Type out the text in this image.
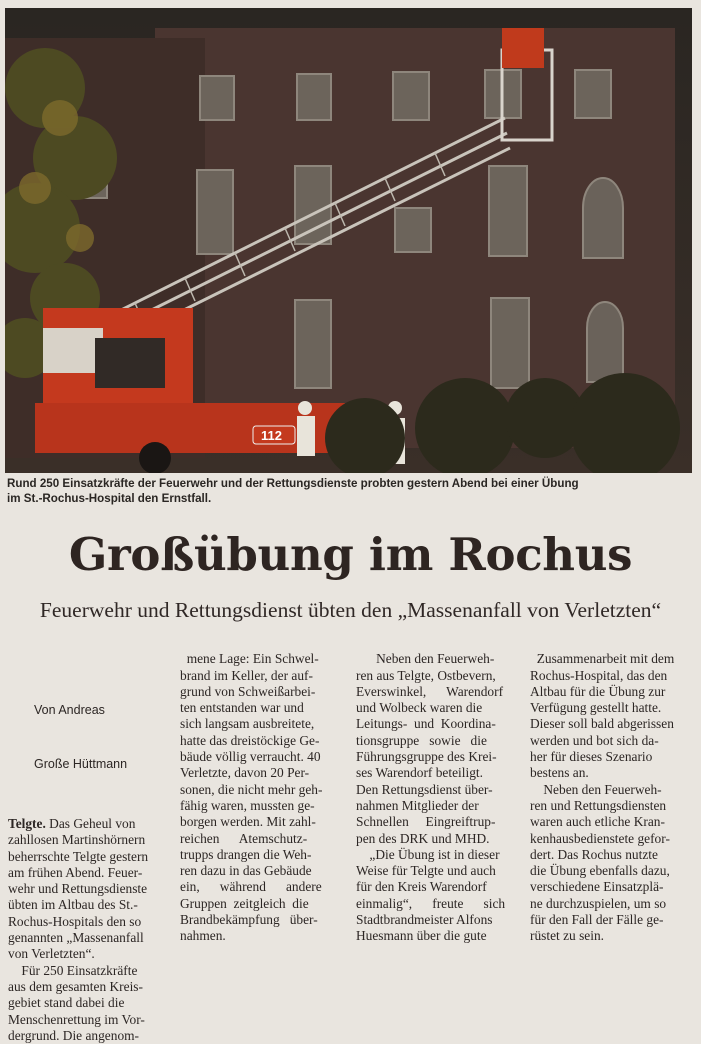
112
Rund 250 Einsatzkräfte der Feuerwehr und der Rettungsdienste probten gestern Abend bei einer Übung
im St.-Rochus-Hospital den Ernstfall.
Großübung im Rochus
Feuerwehr und Rettungsdienst übten den „Massenanfall von Verletzten“

Von Andreas

Große Hüttmann

Telgte. Das Geheul von
zahllosen Martinshörnern
beherrschte Telgte gestern
am frühen Abend. Feuer-
wehr und Rettungsdienste
übten im Altbau des St.-
Rochus-Hospitals den so
genannten „Massenanfall
von Verletzten“.
Für 250 Einsatzkräfte
aus dem gesamten Kreis-
gebiet stand dabei die
Menschenrettung im Vor-
dergrund. Die angenom-

mene Lage: Ein Schwel-
brand im Keller, der auf-
grund von Schweißarbei-
ten entstanden war und
sich langsam ausbreitete,
hatte das dreistöckige Ge-
bäude völlig verraucht. 40
Verletzte, davon 20 Per-
sonen, die nicht mehr geh-
fähig waren, mussten ge-
borgen werden. Mit zahl-
reichen      Atemschutz-
trupps drangen die Weh-
ren dazu in das Gebäude
ein,      während      andere
Gruppen  zeitgleich  die
Brandbekämpfung   über-
nahmen.

Neben den Feuerweh-
ren aus Telgte, Ostbevern,
Everswinkel,      Warendorf
und Wolbeck waren die
Leitungs-  und  Koordina-
tionsgruppe   sowie   die
Führungsgruppe des Krei-
ses Warendorf beteiligt.
Den Rettungsdienst über-
nahmen Mitglieder der
Schnellen     Eingreiftrup-
pen des DRK und MHD.
„Die Übung ist in dieser
Weise für Telgte und auch
für den Kreis Warendorf
einmalig“,      freute      sich
Stadtbrandmeister Alfons
Huesmann über die gute

Zusammenarbeit mit dem
Rochus-Hospital, das den
Altbau für die Übung zur
Verfügung gestellt hatte.
Dieser soll bald abgerissen
werden und bot sich da-
her für dieses Szenario
bestens an.
Neben den Feuerweh-
ren und Rettungsdiensten
waren auch etliche Kran-
kenhausbedienstete gefor-
dert. Das Rochus nutzte
die Übung ebenfalls dazu,
verschiedene Einsatzplä-
ne durchzuspielen, um so
für den Fall der Fälle ge-
rüstet zu sein.
